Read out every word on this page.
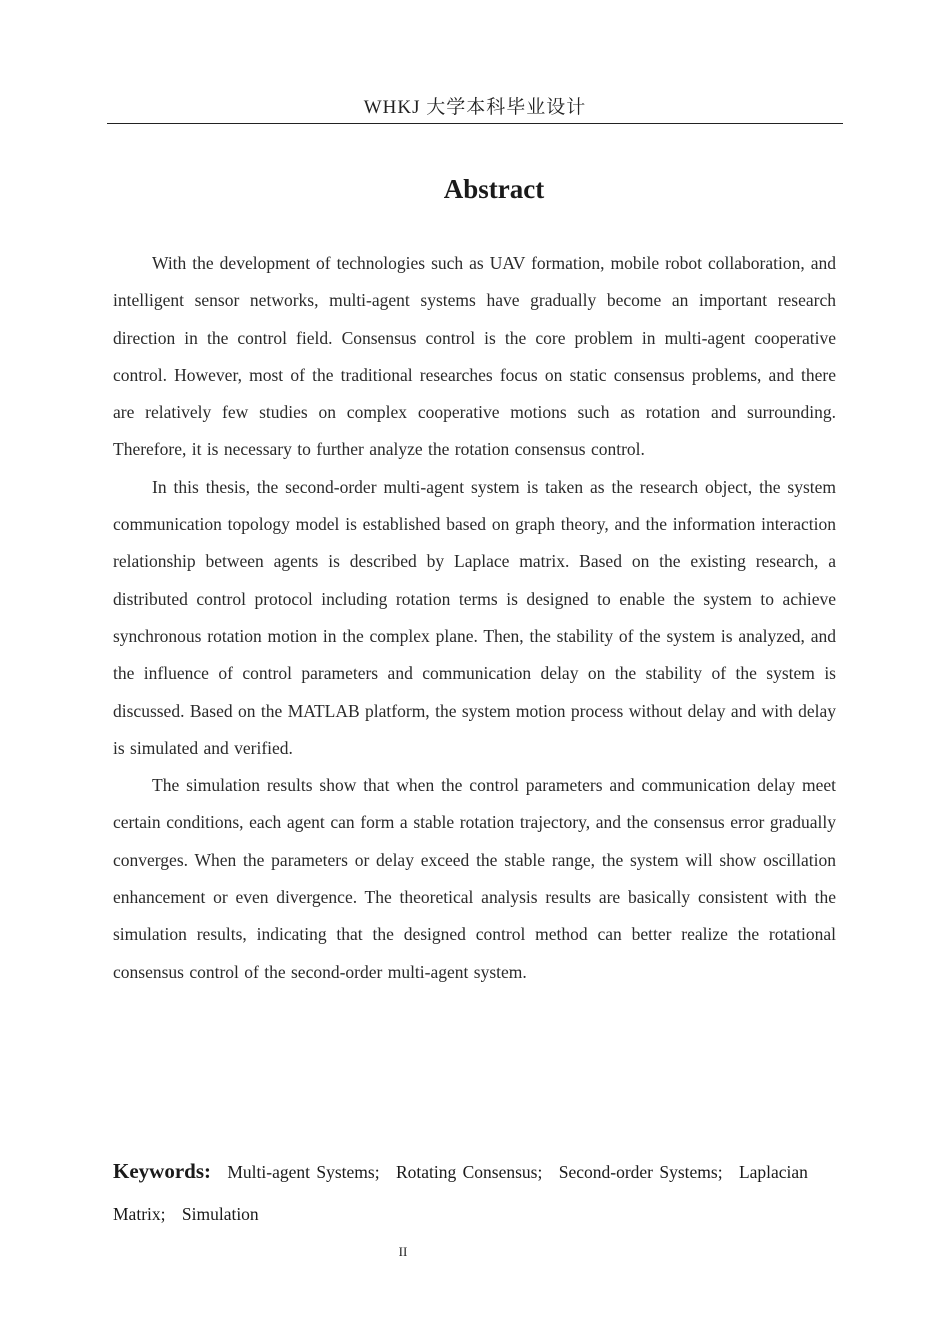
WHKJ 大学本科毕业设计
Abstract

With the development of technologies such as UAV formation, mobile robot collaboration, and intelligent sensor networks, multi-agent systems have gradually become an important research direction in the control field. Consensus control is the core problem in multi-agent cooperative control. However, most of the traditional researches focus on static consensus problems, and there are relatively few studies on complex cooperative motions such as rotation and surrounding. Therefore, it is necessary to further analyze the rotation consensus control.

In this thesis, the second-order multi-agent system is taken as the research object, the system communication topology model is established based on graph theory, and the information interaction relationship between agents is described by Laplace matrix. Based on the existing research, a distributed control protocol including rotation terms is designed to enable the system to achieve synchronous rotation motion in the complex plane. Then, the stability of the system is analyzed, and the influence of control parameters and communication delay on the stability of the system is discussed. Based on the MATLAB platform, the system motion process without delay and with delay is simulated and verified.

The simulation results show that when the control parameters and communication delay meet certain conditions, each agent can form a stable rotation trajectory, and the consensus error gradually converges. When the parameters or delay exceed the stable range, the system will show oscillation enhancement or even divergence. The theoretical analysis results are basically consistent with the simulation results, indicating that the designed control method can better realize the rotational consensus control of the second-order multi-agent system.

Keywords: Multi-agent Systems; Rotating Consensus; Second-order Systems; Laplacian Matrix; Simulation
II
